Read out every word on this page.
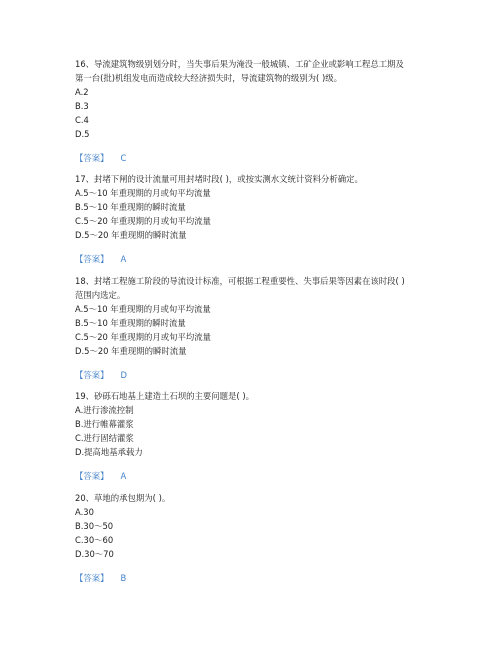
16、导流建筑物级别划分时，当失事后果为淹没一般城镇、工矿企业或影响工程总工期及

第一台(批)机组发电而造成较大经济损失时，导流建筑物的级别为( )级。

A.2

B.3

C.4

D.5

【答案】 C

17、封堵下闸的设计流量可用封堵时段( )，或按实测水文统计资料分析确定。

A.5～10 年重现期的月或旬平均流量

B.5～10 年重现期的瞬时流量

C.5～20 年重现期的月或旬平均流量

D.5～20 年重现期的瞬时流量

【答案】 A

18、封堵工程施工阶段的导流设计标准，可根据工程重要性、失事后果等因素在该时段( )

范围内选定。

A.5～10 年重现期的月或旬平均流量

B.5～10 年重现期的瞬时流量

C.5～20 年重现期的月或旬平均流量

D.5～20 年重现期的瞬时流量

【答案】 D

19、砂砾石地基上建造土石坝的主要问题是( )。

A.进行渗流控制

B.进行帷幕灌浆

C.进行固结灌浆

D.提高地基承载力

【答案】 A

20、草地的承包期为( )。

A.30

B.30～50

C.30～60

D.30～70

【答案】 B
